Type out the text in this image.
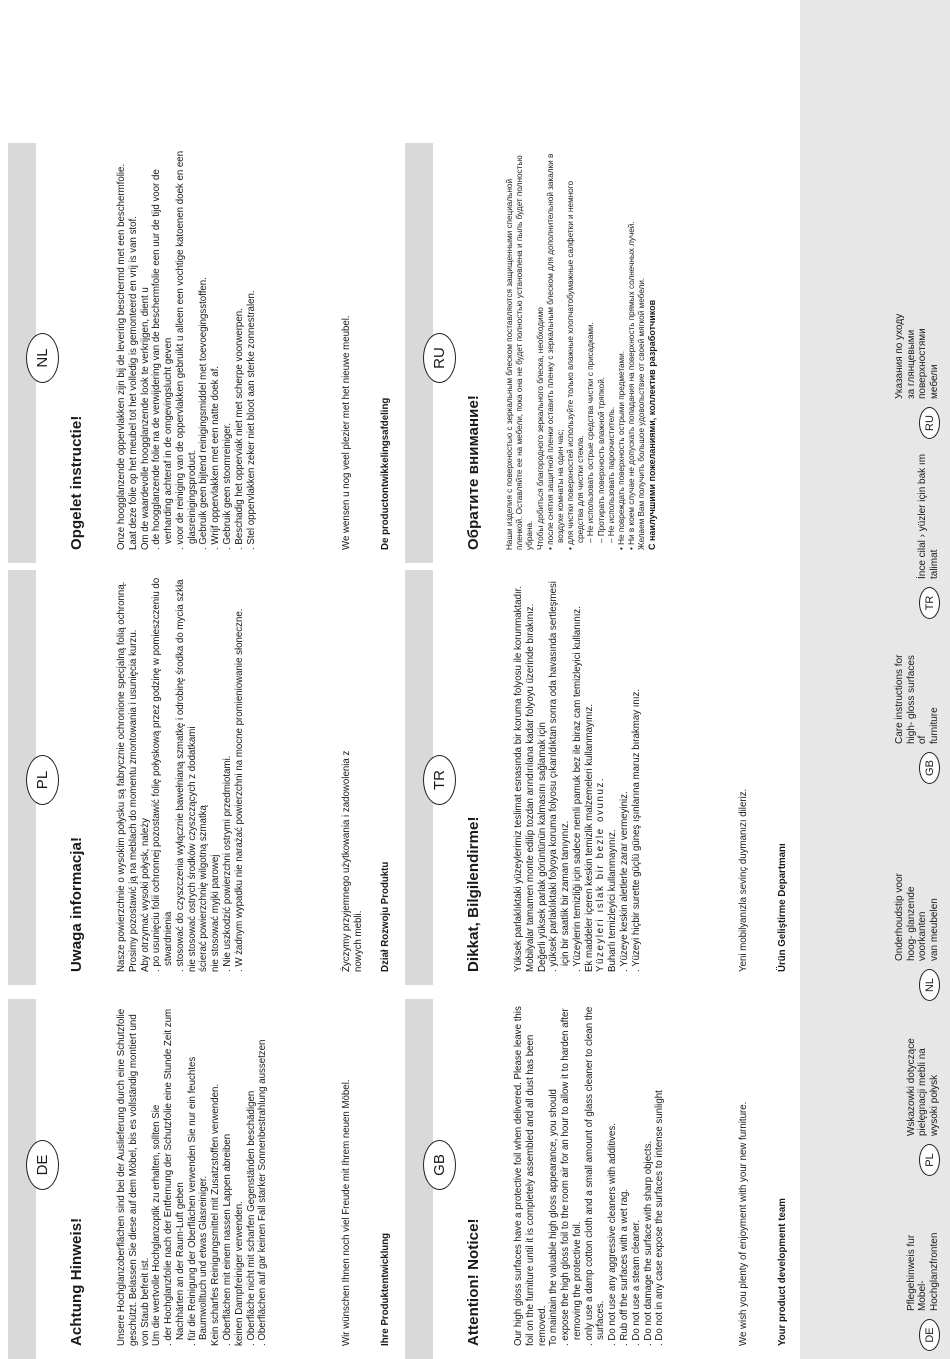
DE
Pflegehinweis fur Mobel-
Hochglanzfronten
PL
Wskazowki dotyczące
pielęgnacji mebli na
wysoki połysk
NL
Onderhoudstip voor
hoog- glanzende voorkanten
van meubelen
GB
Care instructions for
high- gloss surfaces of
furniture
TR
İnce cilal › yüzler için bak ım
talimat
RU
Указания по уходу
за глянцевыми
поверхностями мебели
DE
Achtung Hinweis!	Unsere Hochglanzoberflächen sind bei der Auslieferung durch eine Schutzfolie geschützt. Belassen Sie diese auf dem Möbel, bis es vollständig montiert und von Staub befreit ist. Um die wertvolle Hochglanzoptik zu erhalten, sollten Sie . der Hochglanzfolie nach der Entfernung der Schutzfolie eine Stunde Zeit zum Nachhärten an der Raum-Luft geben . für die Reinigung der Oberflächen verwenden Sie nur ein feuchtes Baumwolltuch und etwas Glasreiniger. Kein scharfes Reinigungsmittel mit Zusatzstoffen verwenden. . Oberflächen mit einem nassen Lappen abreiben keinen Dampfreiniger verwenden. . Oberfläche nicht mit scharfen Gegenständen beschädigen . Oberflächen auf gar keinen Fall starker Sonnenbestrahlung aussetzen	Wir wünschen Ihnen noch viel Freude mit Ihrem neuen Möbel.	Ihre Produktentwicklung
PL
Uwaga informacja!	Nasze powierzchnie o wysokim połysku są fabrycznie ochronione specjalną folią ochronną. Prosimy pozostawić ją na meblach do momentu zmontowania i usunięcia kurzu. Aby otrzymać wysoki połysk, należy . po usunięciu folii ochronnej pozostawić folię połyskową przez godzinę w pomieszczeniu do stwardnienia . stosować do czyszczenia wyłącznie bawełnianą szmatkę i odrobinę środka do mycia szkła nie stosować ostrych środków czyszczących z dodatkami ścierać powierzchnię wilgotną szmatką nie stosować myjki parowej . Nie uszkodzić powierzchni ostrymi przedmiotami. . W żadnym wypadku nie narażać powierzchni na mocne promieniowanie słoneczne.	Życzymy przyjemnego użytkowania i zadowolenia z nowych mebli. Dział Rozwoju Produktu
NL
Opgelet instructie!	Onze hoogglanzende oppervlakken zijn bij de levering beschermd met een beschermfolie. Laat deze folie op het meubel tot het volledig is gemonteerd en vrij is van stof. Om de waardevolle hoogglanzende look te verkrijgen, dient u . de hoogglanzende folie na de verwijdering van de beschermfolie een uur de tijd voor de verharding achteraf in de omgevingslucht geven . voor de reiniging van de oppervlakken gebruikt u alleen een vochtige katoenen doek en een glasreinigingsproduct. . Gebruik geen bijtend reinigingsmiddel met toevoegingsstoffen. . Wrijf oppervlakken met een natte doek af. . Gebruik geen stoomreiniger. . Beschadig het opperviak niet met scherpe voorwerpen. . Stel oppervlakken zeker niet bloot aan sterke zonnestralen.	We wensen u nog veel plezier met het nieuwe meubel.	De productontwikkelingsafdeling
GB
Attention! Notice!	Our high gloss surfaces have a protective foil when delivered. Please leave this foil on the furniture until it is completely assembled and all dust has been removed. To maintain the valuable high gloss appearance, you should . expose the high gloss foil to the room air for an hour to allow it to harden after removing the protective foil. . only use a damp cotton cloth and a small amount of glass cleaner to clean the surfaces. . Do not use any aggressive cleaners with additives. . Rub off the surfaces with a wet rag. . Do not use a steam cleaner. . Do not damage the surface with sharp objects. . Do not in any case expose the surfaces to intense sunlight	We wish you plenty of enjoyment with your new furniture.	Your product development team
TR
Dikkat, Bilgilendirme!	Yüksek parlaklıktaki yüzeylerimiz teslimat esnasında bir koruma folyosu ile korunmaktadır. Mobilyalar tamamen monte edilip tozdan arındırılana kadar folyoyu üzerinde bırakınız. Değerli yüksek parlak görüntünün kalmasını sağlamak için . yüksek parlaklıktaki folyoya koruma folyosu çıkarıldıktan sonra oda havasında sertleşmesi için bir saatlik bir zaman tanıyınız. . Yüzeylerin temizliği için sadece nemli pamuk bez ile biraz cam temizleyici kullanınız. Ek maddeler içeren keskin temizlik malzemeleri kullanmayınız. Yüzeyleri ıslak bir bezle ovunuz. Buharlı temizleyici kullanmayınız. . Yüzeye keskin aletlerle zarar vermeyiniz. . Yüzeyi hiçbir surette güçlü güneş ışınlarına maruz bırakmay ınız.	Yeni mobilyanızla sevinç duymanızı dileriz.	Ürün Geliştirme Departmanı
RU
Обратите внимание!	Наши изделия с поверхностью с зеркальным блеском поставляются защищенными специальной пленкой. Оставляйте ее на мебели, пока она не будет полностью установлена и пыль будет полностью убрана. Чтобы добиться благородного зеркального блеска, необходимо • после снятия защитной пленки оставить пленку с зеркальным блеском для дополнительной закалки в воздухе комнаты на один час; • для чистки поверхностей используйте только влажные хлопчатобумажные салфетки и немного средства для чистки стекла. – Не использовать острые средства чистки с присадками. – Протирать поверхность влажной тряпкой. – Не использовать пароочиститель. • Не повреждать поверхность острыми предметами. • Ни в коем случае не допускать попадания на поверхность прямых солнечных лучей. Желаем Вам получить большое удовольствие от своей мягкой мебели. С наилучшими пожеланиями, коллектив разработчиков
